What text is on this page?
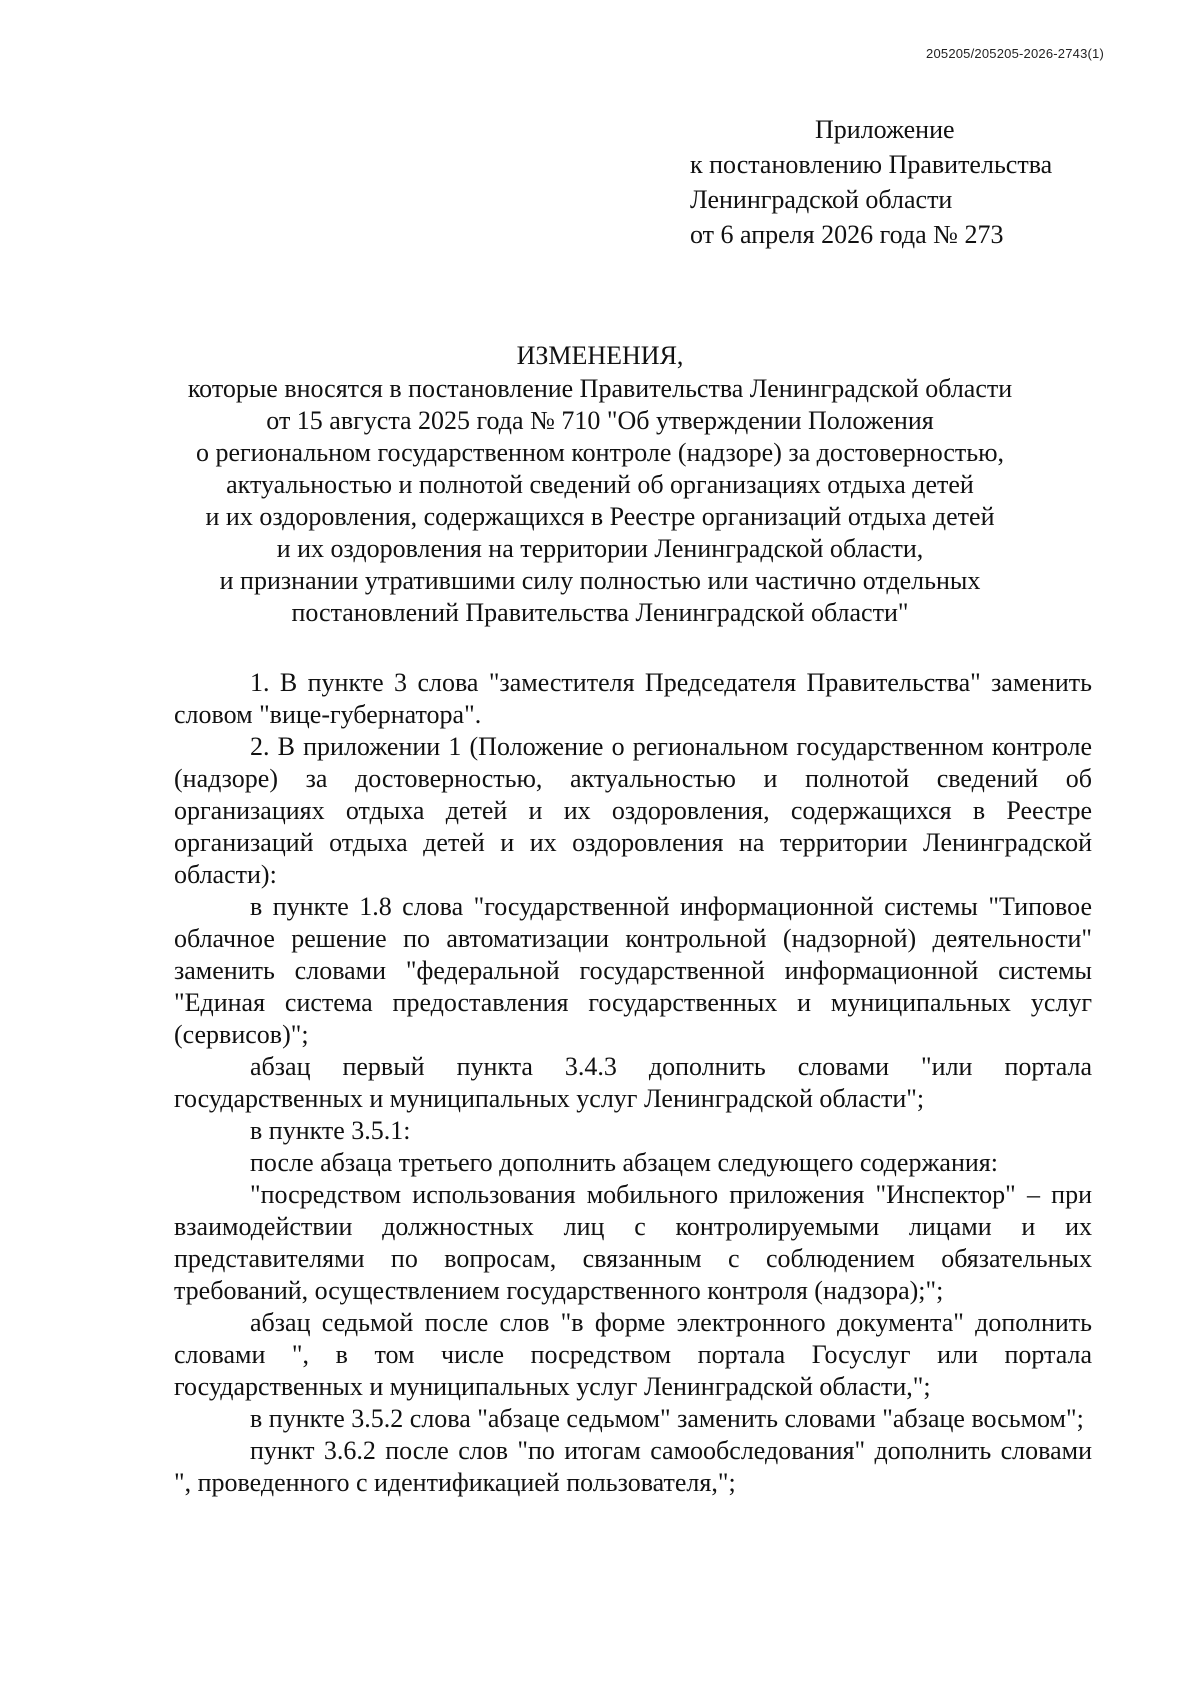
205205/205205-2026-2743(1)
Приложение
к постановлению Правительства
Ленинградской области
от 6 апреля 2026 года № 273
ИЗМЕНЕНИЯ,
которые вносятся в постановление Правительства Ленинградской области
от 15 августа 2025 года № 710 "Об утверждении Положения
о региональном государственном контроле (надзоре) за достоверностью,
актуальностью и полнотой сведений об организациях отдыха детей
и их оздоровления, содержащихся в Реестре организаций отдыха детей
и их оздоровления на территории Ленинградской области,
и признании утратившими силу полностью или частично отдельных
постановлений Правительства Ленинградской области"

1. В пункте 3 слова "заместителя Председателя Правительства" заменить словом "вице-губернатора".

2. В приложении 1 (Положение о региональном государственном контроле (надзоре) за достоверностью, актуальностью и полнотой сведений об организациях отдыха детей и их оздоровления, содержащихся в Реестре организаций отдыха детей и их оздоровления на территории Ленинградской области):

в пункте 1.8 слова "государственной информационной системы "Типовое облачное решение по автоматизации контрольной (надзорной) деятельности" заменить словами "федеральной государственной информационной системы "Единая система предоставления государственных и муниципальных услуг (сервисов)";

абзац первый пункта 3.4.3 дополнить словами "или портала государственных и муниципальных услуг Ленинградской области";

в пункте 3.5.1:

после абзаца третьего дополнить абзацем следующего содержания:

"посредством использования мобильного приложения "Инспектор" – при взаимодействии должностных лиц с контролируемыми лицами и их представителями по вопросам, связанным с соблюдением обязательных требований, осуществлением государственного контроля (надзора);";

абзац седьмой после слов "в форме электронного документа" дополнить словами ", в том числе посредством портала Госуслуг или портала государственных и муниципальных услуг Ленинградской области,";

в пункте 3.5.2 слова "абзаце седьмом" заменить словами "абзаце восьмом";

пункт 3.6.2 после слов "по итогам самообследования" дополнить словами ", проведенного с идентификацией пользователя,";
